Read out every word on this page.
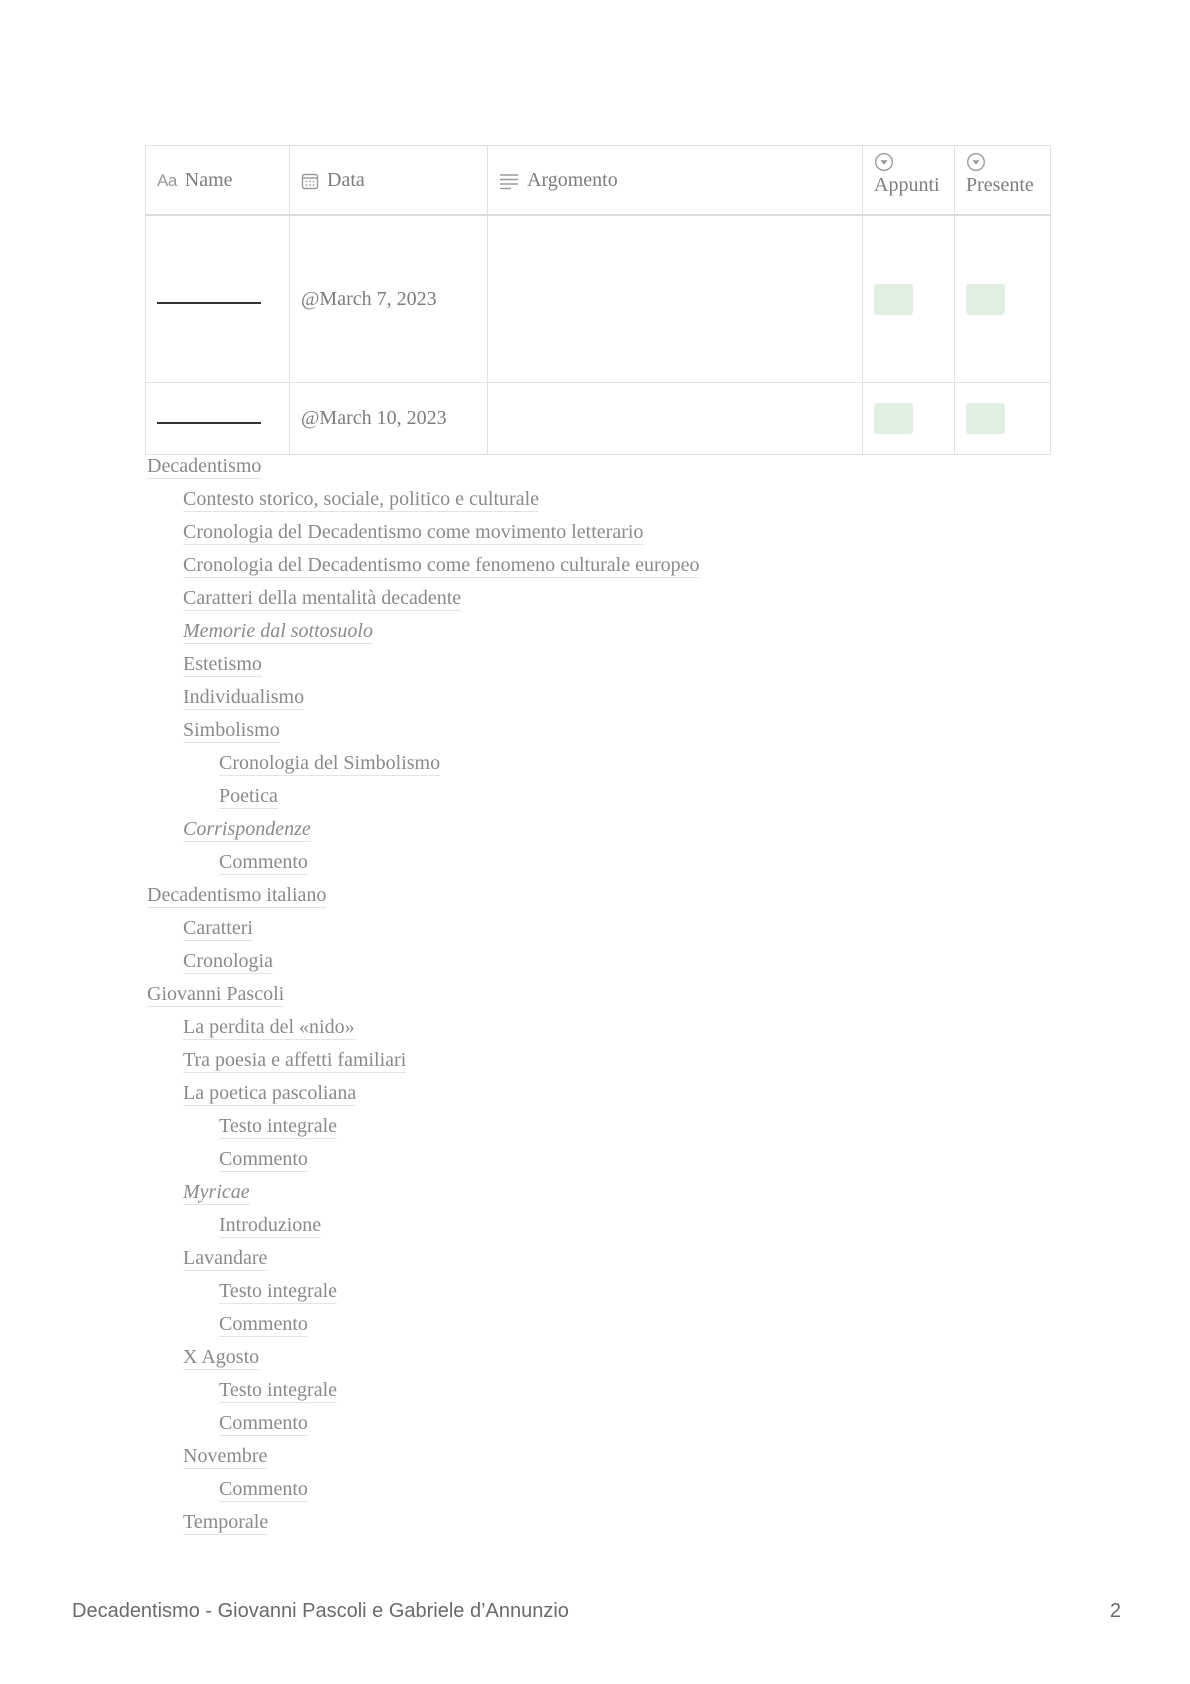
Aa Name	Data	Argomento	Appunti	Presente

	@March 7, 2023		

	@March 10, 2023		

Decadentismo
Contesto storico, sociale, politico e culturale
Cronologia del Decadentismo come movimento letterario
Cronologia del Decadentismo come fenomeno culturale europeo
Caratteri della mentalità decadente
Memorie dal sottosuolo
Estetismo
Individualismo
Simbolismo
Cronologia del Simbolismo
Poetica
Corrispondenze
Commento
Decadentismo italiano
Caratteri
Cronologia
Giovanni Pascoli
La perdita del «nido»
Tra poesia e affetti familiari
La poetica pascoliana
Testo integrale
Commento
Myricae
Introduzione
Lavandare
Testo integrale
Commento
X Agosto
Testo integrale
Commento
Novembre
Commento
Temporale
Decadentismo - Giovanni Pascoli e Gabriele d’Annunzio	2
